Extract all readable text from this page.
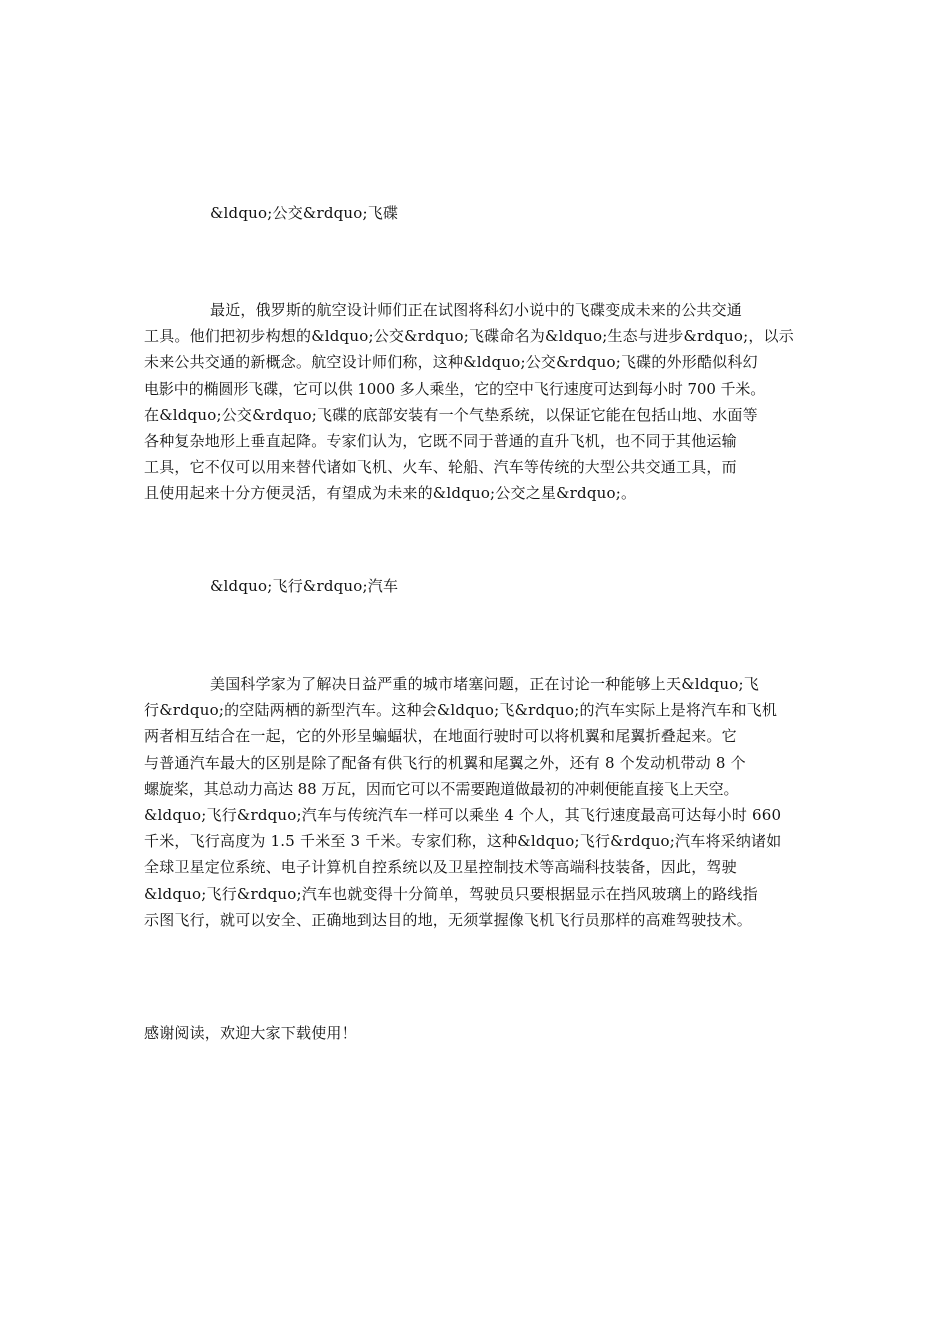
&ldquo;公交&rdquo;飞碟
最近，俄罗斯的航空设计师们正在试图将科幻小说中的飞碟变成未来的公共交通
工具。他们把初步构想的&ldquo;公交&rdquo;飞碟命名为&ldquo;生态与进步&rdquo;，以示
未来公共交通的新概念。航空设计师们称，这种&ldquo;公交&rdquo;飞碟的外形酷似科幻
电影中的椭圆形飞碟，它可以供 1000 多人乘坐，它的空中飞行速度可达到每小时 700 千米。
在&ldquo;公交&rdquo;飞碟的底部安装有一个气垫系统，以保证它能在包括山地、水面等
各种复杂地形上垂直起降。专家们认为，它既不同于普通的直升飞机，也不同于其他运输
工具，它不仅可以用来替代诸如飞机、火车、轮船、汽车等传统的大型公共交通工具，而
且使用起来十分方便灵活，有望成为未来的&ldquo;公交之星&rdquo;。
&ldquo;飞行&rdquo;汽车
美国科学家为了解决日益严重的城市堵塞问题，正在讨论一种能够上天&ldquo;飞
行&rdquo;的空陆两栖的新型汽车。这种会&ldquo;飞&rdquo;的汽车实际上是将汽车和飞机
两者相互结合在一起，它的外形呈蝙蝠状，在地面行驶时可以将机翼和尾翼折叠起来。它
与普通汽车最大的区别是除了配备有供飞行的机翼和尾翼之外，还有 8 个发动机带动 8 个
螺旋桨，其总动力高达 88 万瓦，因而它可以不需要跑道做最初的冲刺便能直接飞上天空。
&ldquo;飞行&rdquo;汽车与传统汽车一样可以乘坐 4 个人，其飞行速度最高可达每小时 660
千米，飞行高度为 1.5 千米至 3 千米。专家们称，这种&ldquo;飞行&rdquo;汽车将采纳诸如
全球卫星定位系统、电子计算机自控系统以及卫星控制技术等高端科技装备，因此，驾驶
&ldquo;飞行&rdquo;汽车也就变得十分简单，驾驶员只要根据显示在挡风玻璃上的路线指
示图飞行，就可以安全、正确地到达目的地，无须掌握像飞机飞行员那样的高难驾驶技术。
感谢阅读，欢迎大家下载使用！
